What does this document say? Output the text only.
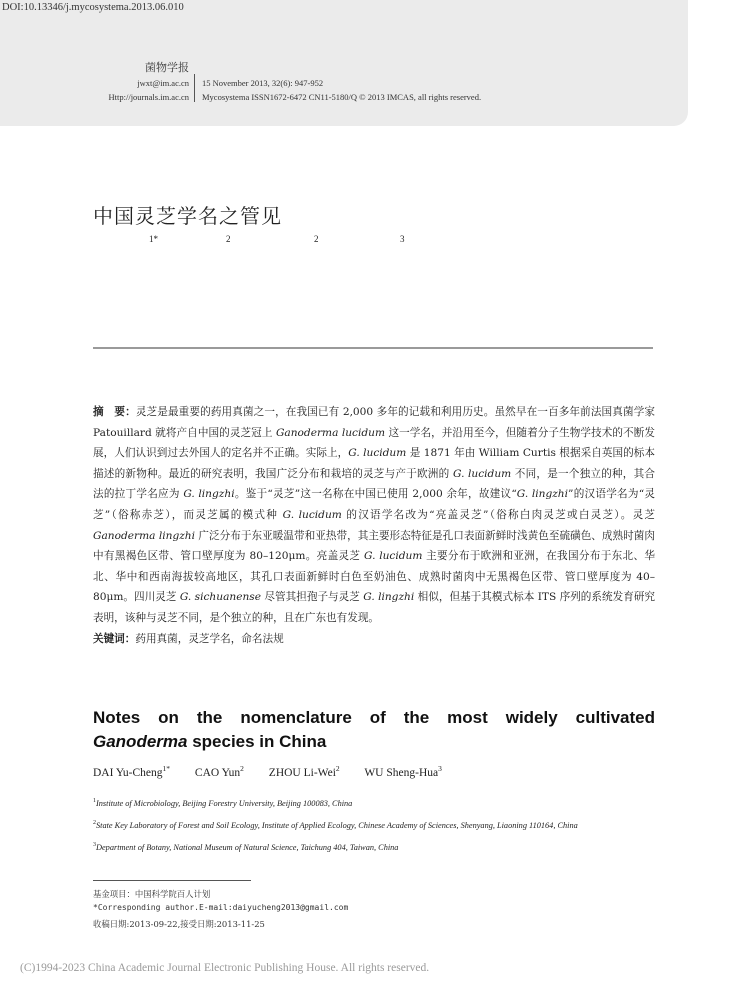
DOI:10.13346/j.mycosystema.2013.06.010
菌物学报
jwxt@im.ac.cn
Http://journals.im.ac.cn
15 November 2013, 32(6): 947-952
Mycosystema ISSN1672-6472 CN11-5180/Q © 2013 IMCAS, all rights reserved.
中国灵芝学名之管见
1*	2	2	3

摘　要：灵芝是最重要的药用真菌之一，在我国已有 2,000 多年的记载和利用历史。虽然早在一百多年前法国真菌学家 Patouillard 就将产自中国的灵芝冠上 Ganoderma lucidum 这一学名，并沿用至今，但随着分子生物学技术的不断发展，人们认识到过去外国人的定名并不正确。实际上，G. lucidum 是 1871 年由 William Curtis 根据采自英国的标本描述的新物种。最近的研究表明，我国广泛分布和栽培的灵芝与产于欧洲的 G. lucidum 不同，是一个独立的种，其合法的拉丁学名应为 G. lingzhi。鉴于“灵芝”这一名称在中国已使用 2,000 余年，故建议“G. lingzhi”的汉语学名为“灵芝”（俗称赤芝），而灵芝属的模式种 G. lucidum 的汉语学名改为“亮盖灵芝”（俗称白肉灵芝或白灵芝）。灵芝 Ganoderma lingzhi 广泛分布于东亚暖温带和亚热带，其主要形态特征是孔口表面新鲜时浅黄色至硫磺色、成熟时菌肉中有黑褐色区带、管口壁厚度为 80–120μm。亮盖灵芝 G. lucidum 主要分布于欧洲和亚洲，在我国分布于东北、华北、华中和西南海拔较高地区，其孔口表面新鲜时白色至奶油色、成熟时菌肉中无黑褐色区带、管口壁厚度为 40–80μm。四川灵芝 G. sichuanense 尽管其担孢子与灵芝 G. lingzhi 相似，但基于其模式标本 ITS 序列的系统发育研究表明，该种与灵芝不同，是个独立的种，且在广东也有发现。

关键词：药用真菌，灵芝学名，命名法规

Notes on the nomenclature of the most widely cultivated
Ganoderma species in China
DAI Yu-Cheng$^{1*}$ CAO Yun$^2$ ZHOU Li-Wei$^2$ WU Sheng-Hua$^3$
$^1$Institute of Microbiology, Beijing Forestry University, Beijing 100083, China
$^2$State Key Laboratory of Forest and Soil Ecology, Institute of Applied Ecology, Chinese Academy of Sciences, Shenyang, Liaoning 110164, China
$^3$Department of Botany, National Museum of Natural Science, Taichung 404, Taiwan, China
基金项目：中国科学院百人计划
*Corresponding author.E-mail:daiyucheng2013@gmail.com
收稿日期:2013-09-22,接受日期:2013-11-25
(C)1994-2023 China Academic Journal Electronic Publishing House. All rights reserved.
